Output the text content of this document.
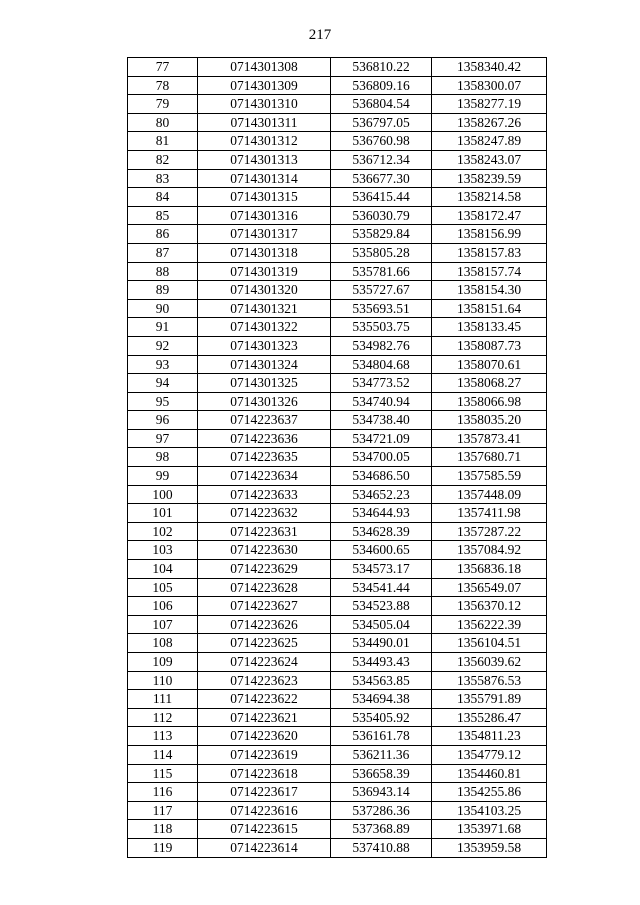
217
77	0714301308	536810.22	1358340.42
78	0714301309	536809.16	1358300.07
79	0714301310	536804.54	1358277.19
80	0714301311	536797.05	1358267.26
81	0714301312	536760.98	1358247.89
82	0714301313	536712.34	1358243.07
83	0714301314	536677.30	1358239.59
84	0714301315	536415.44	1358214.58
85	0714301316	536030.79	1358172.47
86	0714301317	535829.84	1358156.99
87	0714301318	535805.28	1358157.83
88	0714301319	535781.66	1358157.74
89	0714301320	535727.67	1358154.30
90	0714301321	535693.51	1358151.64
91	0714301322	535503.75	1358133.45
92	0714301323	534982.76	1358087.73
93	0714301324	534804.68	1358070.61
94	0714301325	534773.52	1358068.27
95	0714301326	534740.94	1358066.98
96	0714223637	534738.40	1358035.20
97	0714223636	534721.09	1357873.41
98	0714223635	534700.05	1357680.71
99	0714223634	534686.50	1357585.59
100	0714223633	534652.23	1357448.09
101	0714223632	534644.93	1357411.98
102	0714223631	534628.39	1357287.22
103	0714223630	534600.65	1357084.92
104	0714223629	534573.17	1356836.18
105	0714223628	534541.44	1356549.07
106	0714223627	534523.88	1356370.12
107	0714223626	534505.04	1356222.39
108	0714223625	534490.01	1356104.51
109	0714223624	534493.43	1356039.62
110	0714223623	534563.85	1355876.53
111	0714223622	534694.38	1355791.89
112	0714223621	535405.92	1355286.47
113	0714223620	536161.78	1354811.23
114	0714223619	536211.36	1354779.12
115	0714223618	536658.39	1354460.81
116	0714223617	536943.14	1354255.86
117	0714223616	537286.36	1354103.25
118	0714223615	537368.89	1353971.68
119	0714223614	537410.88	1353959.58
